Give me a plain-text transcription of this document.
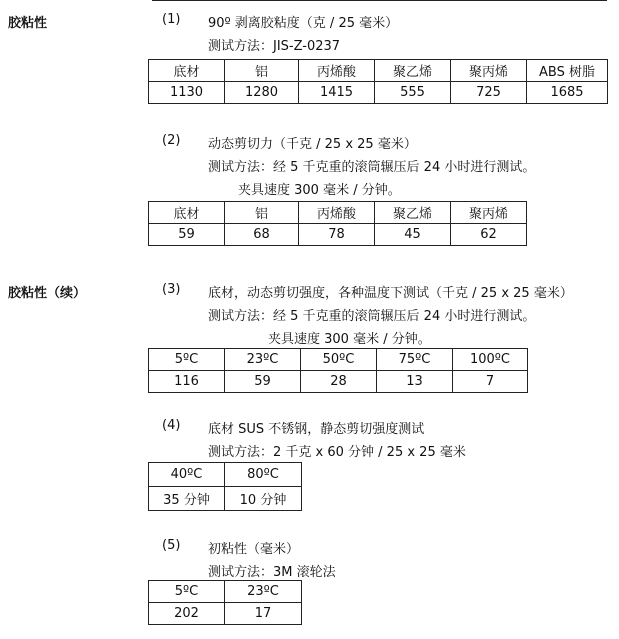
胶粘性	(1) 90º 剥离胶粘度（克 / 25 毫米）
测试方法：JIS-Z-0237
底材	铝	丙烯酸	聚乙烯	聚丙烯	ABS 树脂
1130	1280	1415	555	725	1685
(2) 动态剪切力（千克 / 25 x 25 毫米）
测试方法：经 5 千克重的滚筒辗压后 24 小时进行测试。
夹具速度 300 毫米 / 分钟。
底材	铝	丙烯酸	聚乙烯	聚丙烯
59	68	78	45	62
胶粘性（续）	(3) 底材，动态剪切强度，各种温度下测试（千克 / 25 x 25 毫米）
测试方法：经 5 千克重的滚筒辗压后 24 小时进行测试。
夹具速度 300 毫米 / 分钟。
5ºC	23ºC	50ºC	75ºC	100ºC
116	59	28	13	7
(4) 底材 SUS 不锈钢，静态剪切强度测试
测试方法：2 千克 x 60 分钟 / 25 x 25 毫米
40ºC	80ºC
35 分钟	10 分钟
(5) 初粘性（毫米）
测试方法：3M 滚轮法
5ºC	23ºC
202	17
